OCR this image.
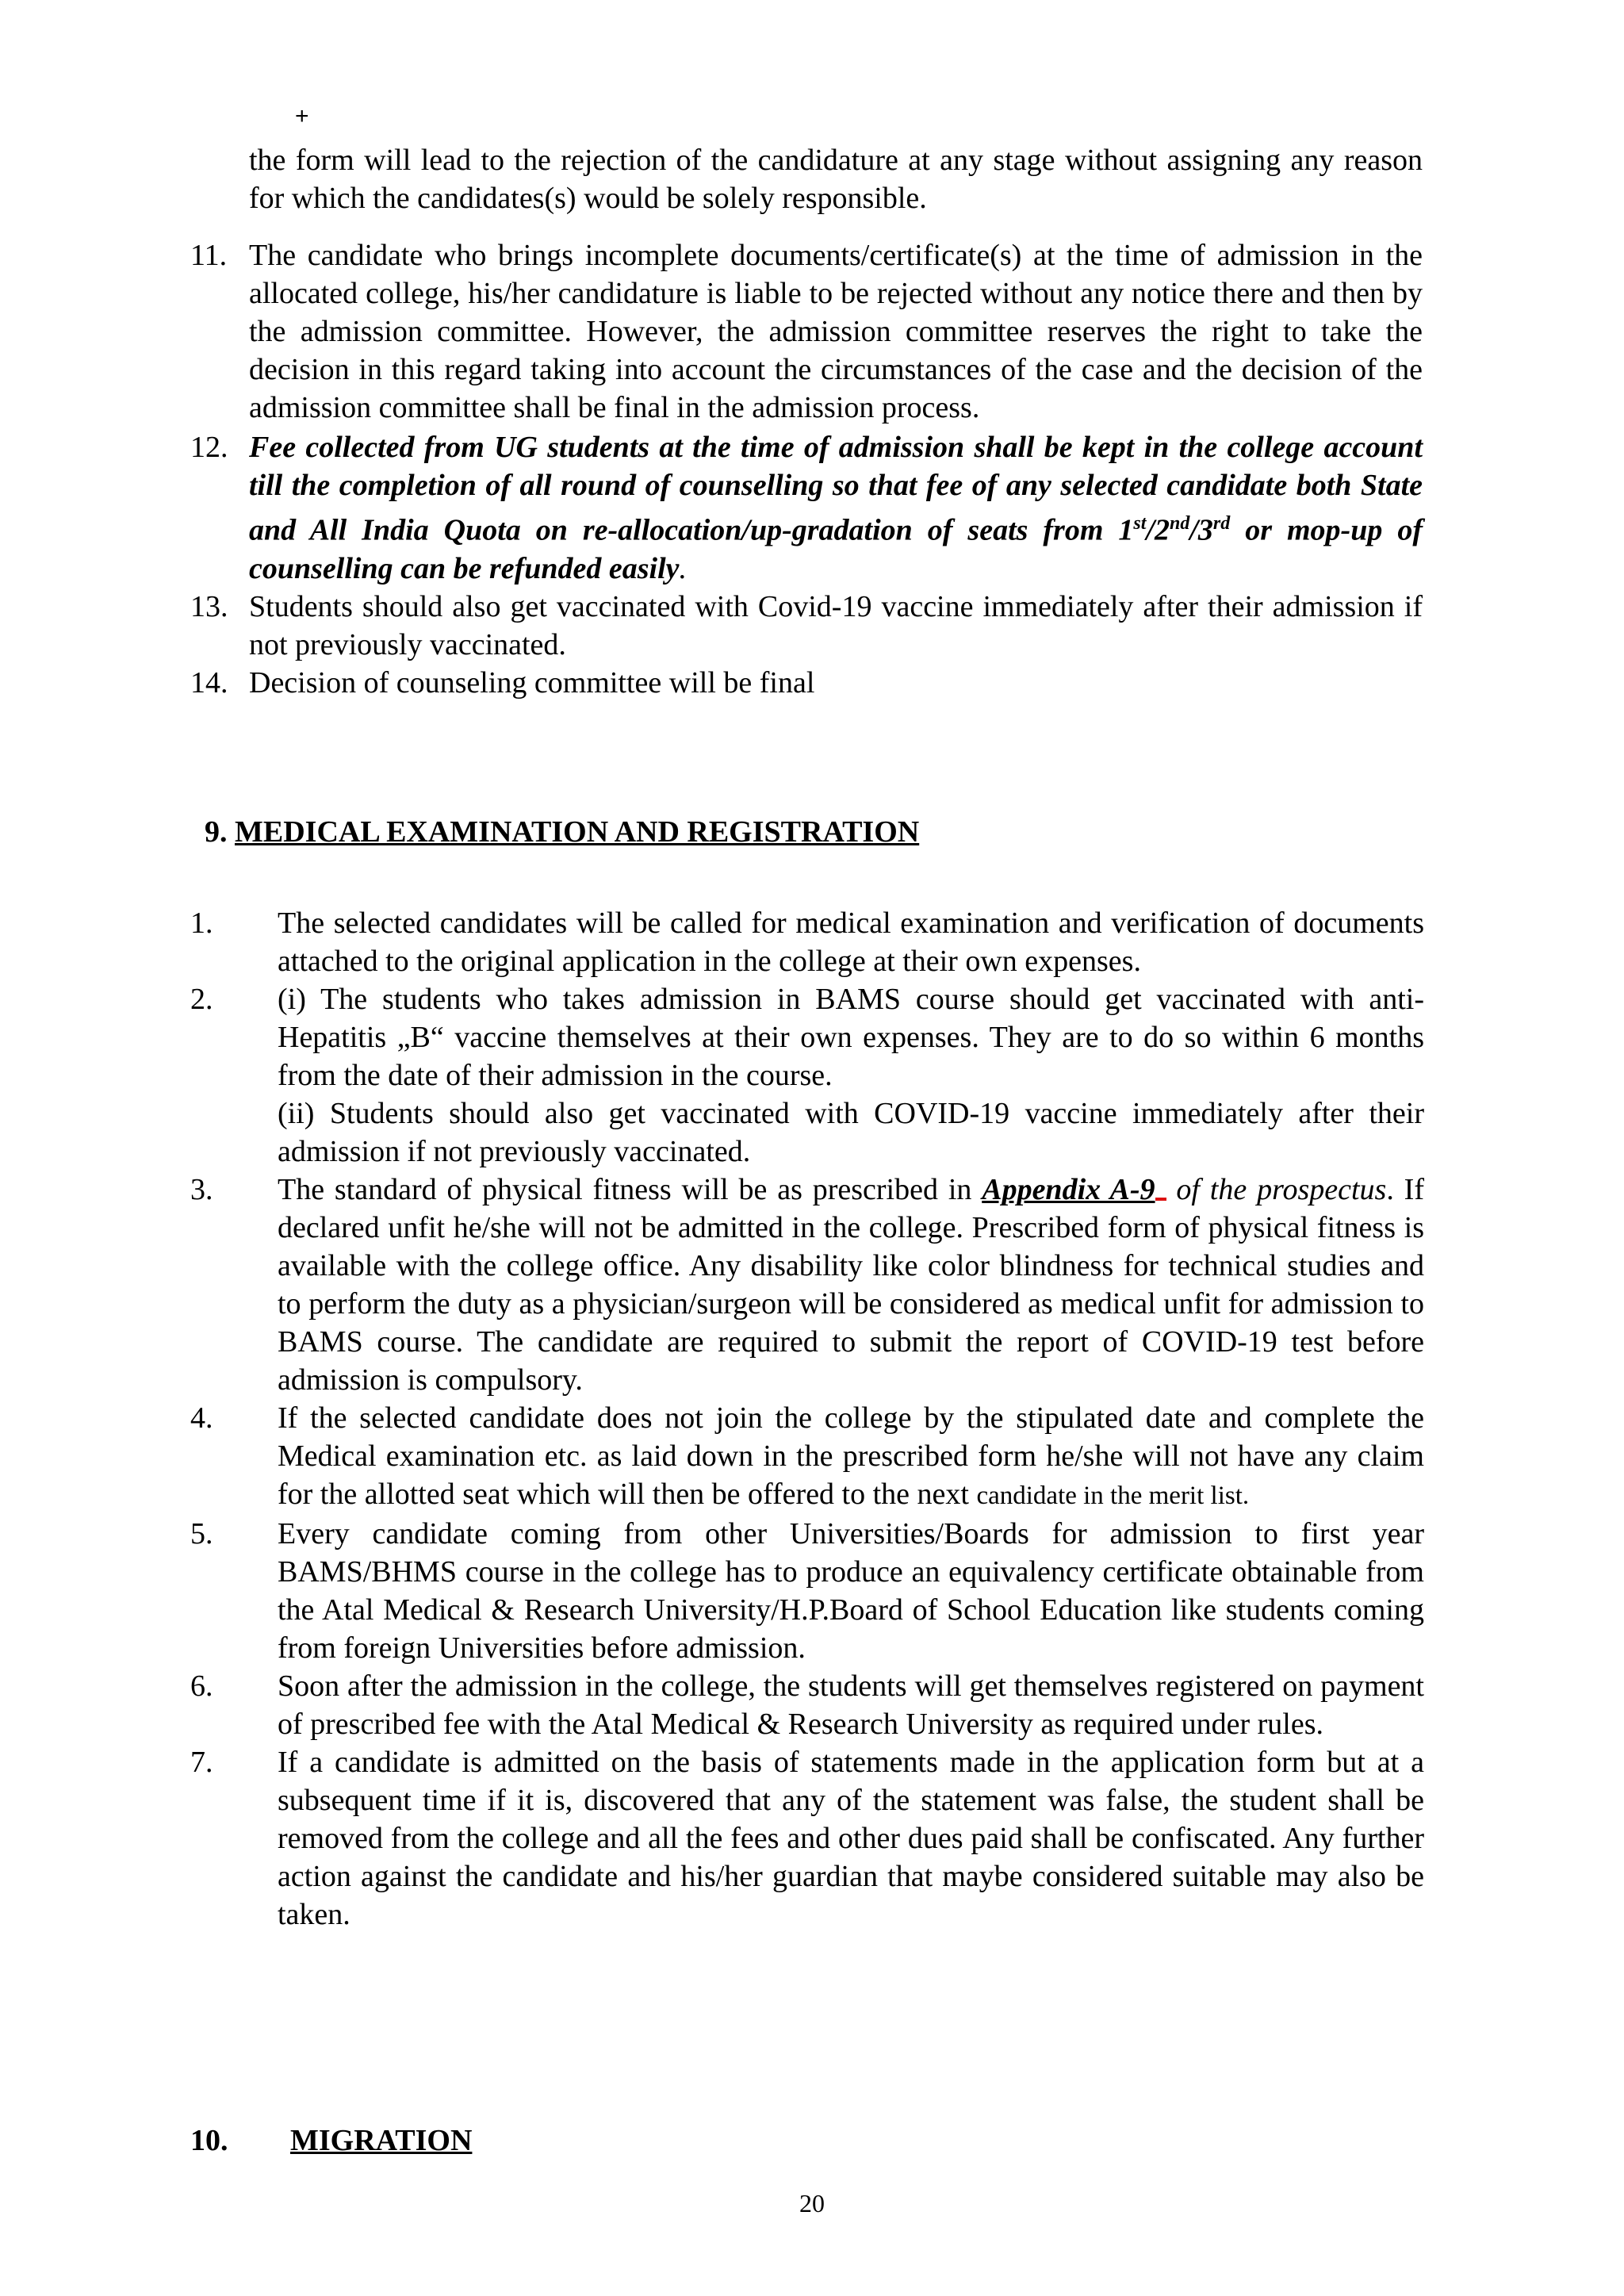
+
the form will lead to the rejection of the candidature at any stage without assigning any reason for which the candidates(s) would be solely responsible.
11. The candidate who brings incomplete documents/certificate(s) at the time of admission in the allocated college, his/her candidature is liable to be rejected without any notice there and then by the admission committee. However, the admission committee reserves the right to take the decision in this regard taking into account the circumstances of the case and the decision of the admission committee shall be final in the admission process.
12. Fee collected from UG students at the time of admission shall be kept in the college account till the completion of all round of counselling so that fee of any selected candidate both State and All India Quota on re-allocation/up-gradation of seats from 1st/2nd/3rd or mop-up of counselling can be refunded easily.
13. Students should also get vaccinated with Covid-19 vaccine immediately after their admission if not previously vaccinated.
14. Decision of counseling committee will be final
9. MEDICAL EXAMINATION AND REGISTRATION
1.	The selected candidates will be called for medical examination and verification of documents attached to the original application in the college at their own expenses.
2.	(i) The students who takes admission in BAMS course should get vaccinated with anti-Hepatitis „B“ vaccine themselves at their own expenses. They are to do so within 6 months from the date of their admission in the course.
(ii) Students should also get vaccinated with COVID-19 vaccine immediately after their admission if not previously vaccinated.
3.	The standard of physical fitness will be as prescribed in Appendix A-9 of the prospectus. If declared unfit he/she will not be admitted in the college. Prescribed form of physical fitness is available with the college office. Any disability like color blindness for technical studies and to perform the duty as a physician/surgeon will be considered as medical unfit for admission to BAMS course. The candidate are required to submit the report of COVID-19 test before admission is compulsory.
4.	If the selected candidate does not join the college by the stipulated date and complete the Medical examination etc. as laid down in the prescribed form he/she will not have any claim for the allotted seat which will then be offered to the next candidate in the merit list.
5.	Every candidate coming from other Universities/Boards for admission to first year BAMS/BHMS course in the college has to produce an equivalency certificate obtainable from the Atal Medical & Research University/H.P.Board of School Education like students coming from foreign Universities before admission.
6.	Soon after the admission in the college, the students will get themselves registered on payment of prescribed fee with the Atal Medical & Research University as required under rules.
7.	If a candidate is admitted on the basis of statements made in the application form but at a subsequent time if it is, discovered that any of the statement was false, the student shall be removed from the college and all the fees and other dues paid shall be confiscated. Any further action against the candidate and his/her guardian that maybe considered suitable may also be taken.
10. MIGRATION
20
